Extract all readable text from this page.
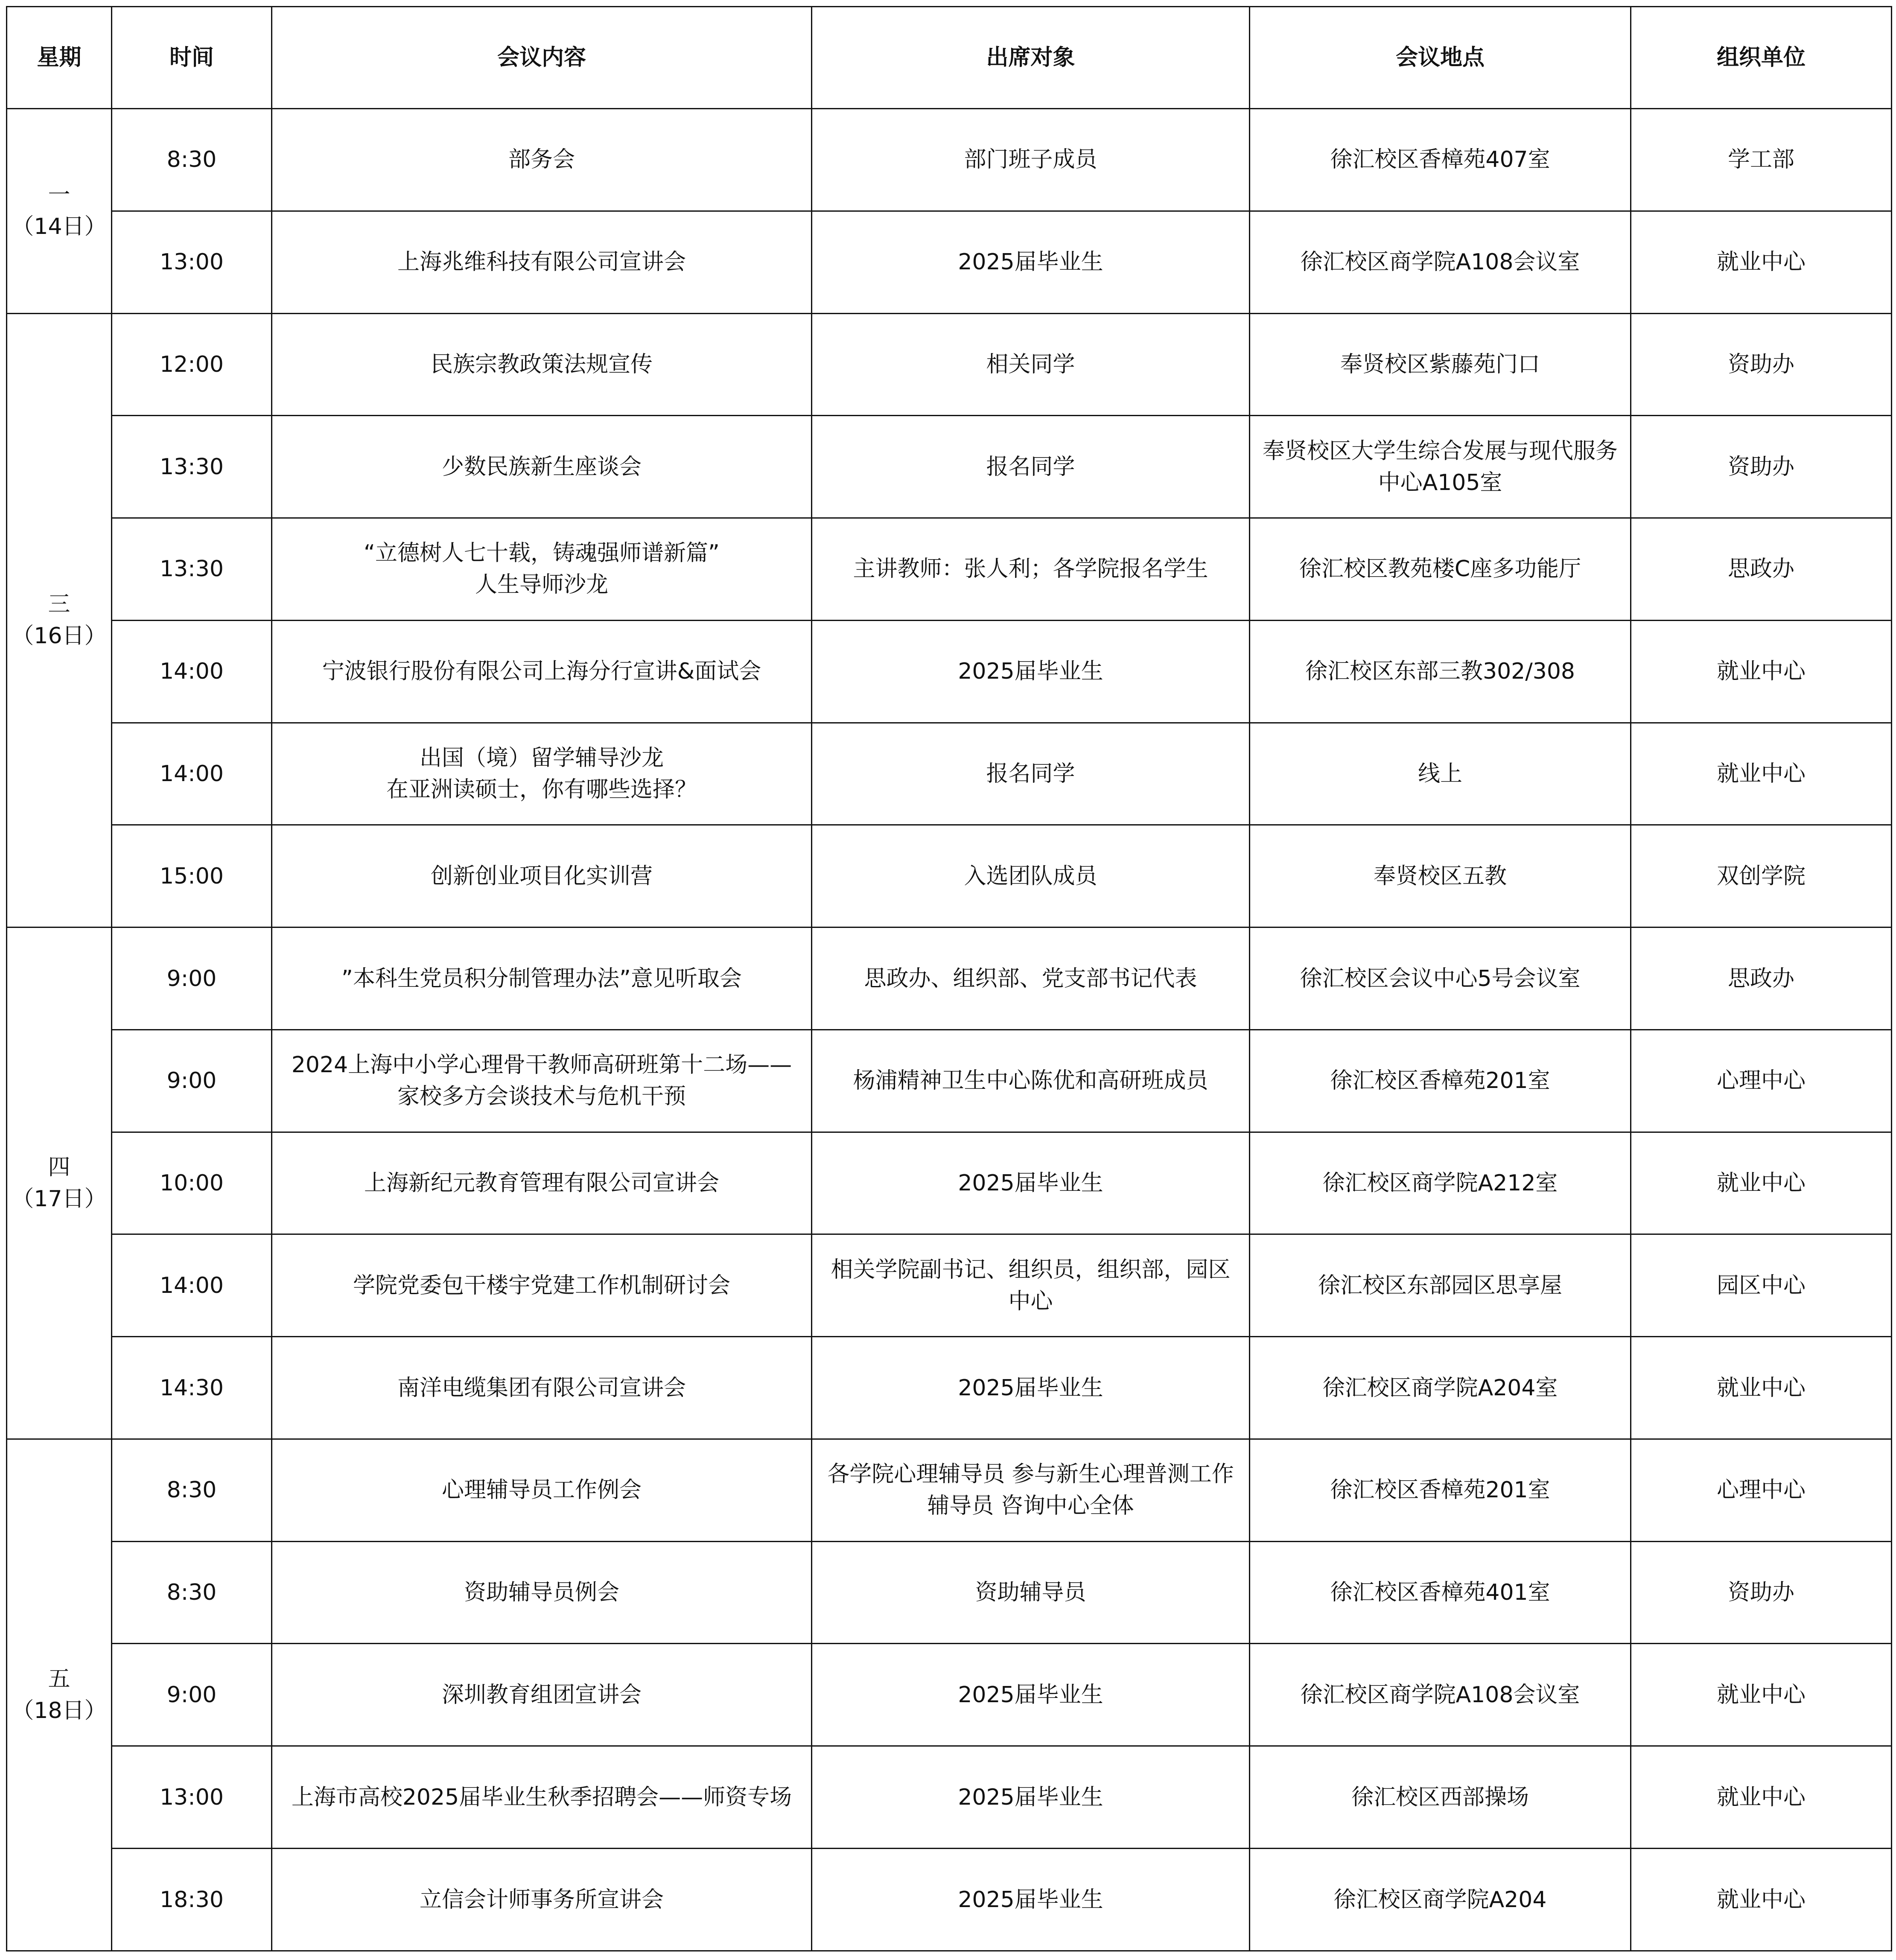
星期	时间	会议内容	出席对象	会议地点	组织单位
一
（14日）	8:30	部务会	部门班子成员	徐汇校区香樟苑407室	学工部
	13:00	上海兆维科技有限公司宣讲会	2025届毕业生	徐汇校区商学院A108会议室	就业中心
三
（16日）	12:00	民族宗教政策法规宣传	相关同学	奉贤校区紫藤苑门口	资助办
	13:30	少数民族新生座谈会	报名同学	奉贤校区大学生综合发展与现代服务
中心A105室	资助办
	13:30	“立德树人七十载，铸魂强师谱新篇”
人生导师沙龙	主讲教师：张人利；各学院报名学生	徐汇校区教苑楼C座多功能厅	思政办
	14:00	宁波银行股份有限公司上海分行宣讲&面试会	2025届毕业生	徐汇校区东部三教302/308	就业中心
	14:00	出国（境）留学辅导沙龙
在亚洲读硕士，你有哪些选择？	报名同学	线上	就业中心
	15:00	创新创业项目化实训营	入选团队成员	奉贤校区五教	双创学院
四
（17日）	9:00	”本科生党员积分制管理办法”意见听取会	思政办、组织部、党支部书记代表	徐汇校区会议中心5号会议室	思政办
	9:00	2024上海中小学心理骨干教师高研班第十二场——
家校多方会谈技术与危机干预	杨浦精神卫生中心陈优和高研班成员	徐汇校区香樟苑201室	心理中心
	10:00	上海新纪元教育管理有限公司宣讲会	2025届毕业生	徐汇校区商学院A212室	就业中心
	14:00	学院党委包干楼宇党建工作机制研讨会	相关学院副书记、组织员，组织部，园区
中心	徐汇校区东部园区思享屋	园区中心
	14:30	南洋电缆集团有限公司宣讲会	2025届毕业生	徐汇校区商学院A204室	就业中心
五
（18日）	8:30	心理辅导员工作例会	各学院心理辅导员 参与新生心理普测工作
辅导员 咨询中心全体	徐汇校区香樟苑201室	心理中心
	8:30	资助辅导员例会	资助辅导员	徐汇校区香樟苑401室	资助办
	9:00	深圳教育组团宣讲会	2025届毕业生	徐汇校区商学院A108会议室	就业中心
	13:00	上海市高校2025届毕业生秋季招聘会——师资专场	2025届毕业生	徐汇校区西部操场	就业中心
	18:30	立信会计师事务所宣讲会	2025届毕业生	徐汇校区商学院A204	就业中心
